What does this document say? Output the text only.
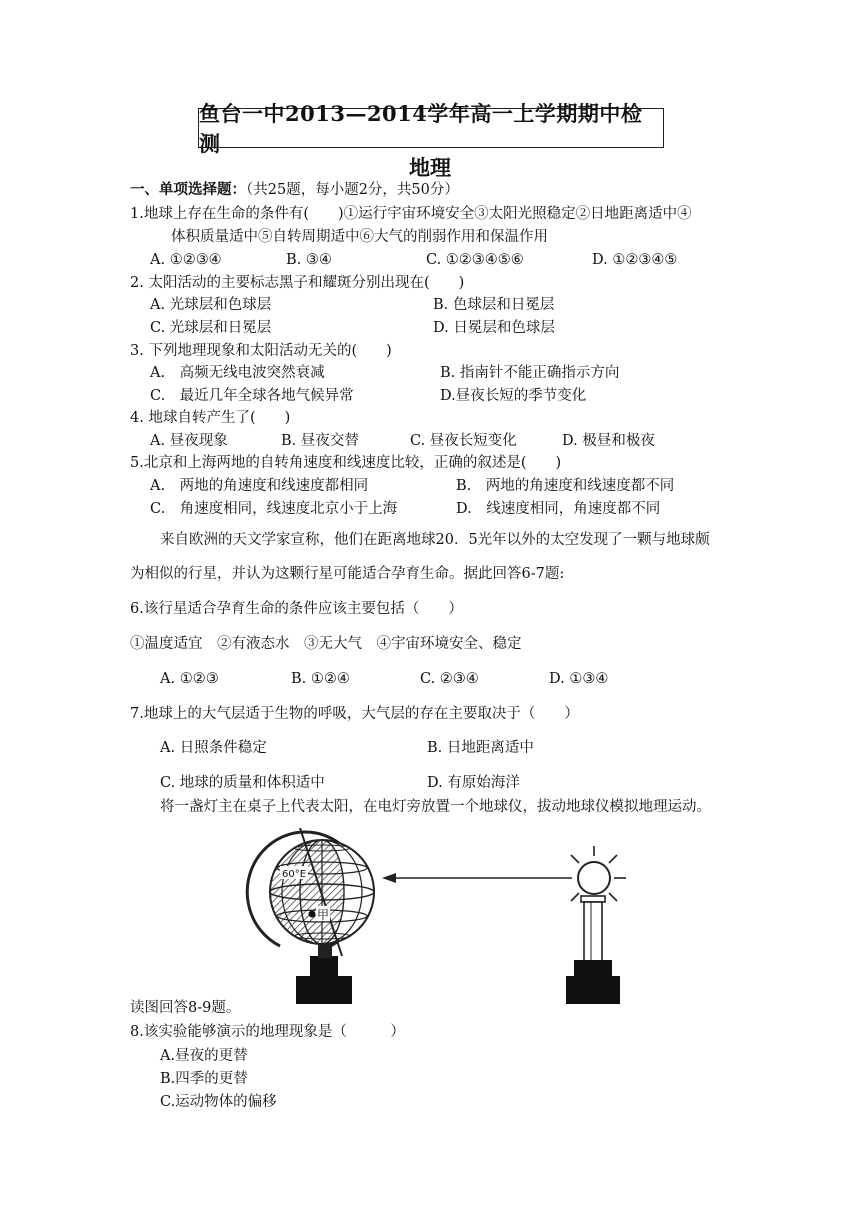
鱼台一中2013—2014学年高一上学期期中检测
地理
一、单项选择题：（共25题，每小题2分，共50分）
1.地球上存在生命的条件有(　　)①运行宇宙环境安全③太阳光照稳定②日地距离适中④
体积质量适中⑤自转周期适中⑥大气的削弱作用和保温作用
A. ①②③④	B. ③④	C. ①②③④⑤⑥	D. ①②③④⑤
2. 太阳活动的主要标志黑子和耀斑分别出现在(　　)
A. 光球层和色球层	B. 色球层和日冕层
C. 光球层和日冕层	D. 日冕层和色球层
3. 下列地理现象和太阳活动无关的(　　)
A.　高频无线电波突然衰减	B. 指南针不能正确指示方向
C.　最近几年全球各地气候异常	D.昼夜长短的季节变化
4. 地球自转产生了(　　)
A. 昼夜现象	B. 昼夜交替	C. 昼夜长短变化	D. 极昼和极夜
5.北京和上海两地的自转角速度和线速度比较，正确的叙述是(　　)
A.　两地的角速度和线速度都相同	B.　两地的角速度和线速度都不同
C.　角速度相同，线速度北京小于上海	D.　线速度相同，角速度都不同
来自欧洲的天文学家宣称，他们在距离地球20．5光年以外的太空发现了一颗与地球颇
为相似的行星，并认为这颗行星可能适合孕育生命。据此回答6-7题:
6.该行星适合孕育生命的条件应该主要包括（　　）
①温度适宜　②有液态水　③无大气　④宇宙环境安全、稳定
A. ①②③	B. ①②④	C. ②③④	D. ①③④
7.地球上的大气层适于生物的呼吸，大气层的存在主要取决于（　　）
A. 日照条件稳定	B. 日地距离适中
C. 地球的质量和体积适中	D. 有原始海洋
将一盏灯主在桌子上代表太阳，在电灯旁放置一个地球仪，拔动地球仪模拟地理运动。
60°E
甲
读图回答8-9题。
8.该实验能够演示的地理现象是（　　　）
A.昼夜的更替
B.四季的更替
C.运动物体的偏移
